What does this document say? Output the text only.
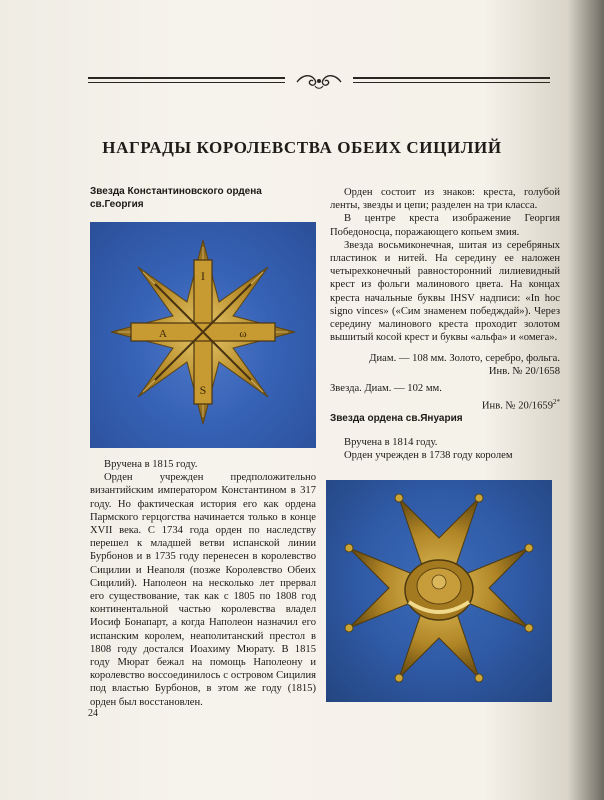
НАГРАДЫ КОРОЛЕВСТВА ОБЕИХ СИЦИЛИЙ
Звезда Константиновского ордена
св.Георгия
I
S
A	ω

Вручена в 1815 году.

Орден учрежден предположительно византийским императором Константином в 317 году. Но фактическая история его как ордена Пармского герцогства начинается только в конце XVII века. С 1734 года орден по наследству перешел к младшей ветви испанской линии Бурбонов и в 1735 году перенесен в королевство Сицилии и Неаполя (позже Королевство Обеих Сицилий). Наполеон на несколько лет прервал его существование, так как с 1805 по 1808 год континентальной частью королевства владел Иосиф Бонапарт, а когда Наполеон назначил его испанским королем, неаполитанский престол в 1808 году достался Иоахиму Мюрату. В 1815 году Мюрат бежал на помощь Наполеону и королевство воссоединилось с островом Сицилия под властью Бурбонов, в этом же году (1815) орден был восстановлен.

Орден состоит из знаков: креста, голубой ленты, звезды и цепи; разделен на три класса.

В центре креста изображение Георгия Победоносца, поражающего копьем змия.

Звезда восьмиконечная, шитая из серебряных пластинок и нитей. На середину ее наложен четырехконечный равносторонний лилиевидный крест из фольги малинового цвета. На концах креста начальные буквы IHSV надписи: «In hoc signo vinces» («Сим знаменем победждай»). Через середину малинового креста проходит золотом вышитый косой крест и буквы «альфа» и «омега».

Диам. — 108 мм. Золото, серебро, фольга.
Инв. № 20/1658
Звезда. Диам. — 102 мм.
Инв. № $20/1659^{2*}$
Звезда ордена св.Януария

Вручена в 1814 году.

Орден учрежден в 1738 году королем

24
